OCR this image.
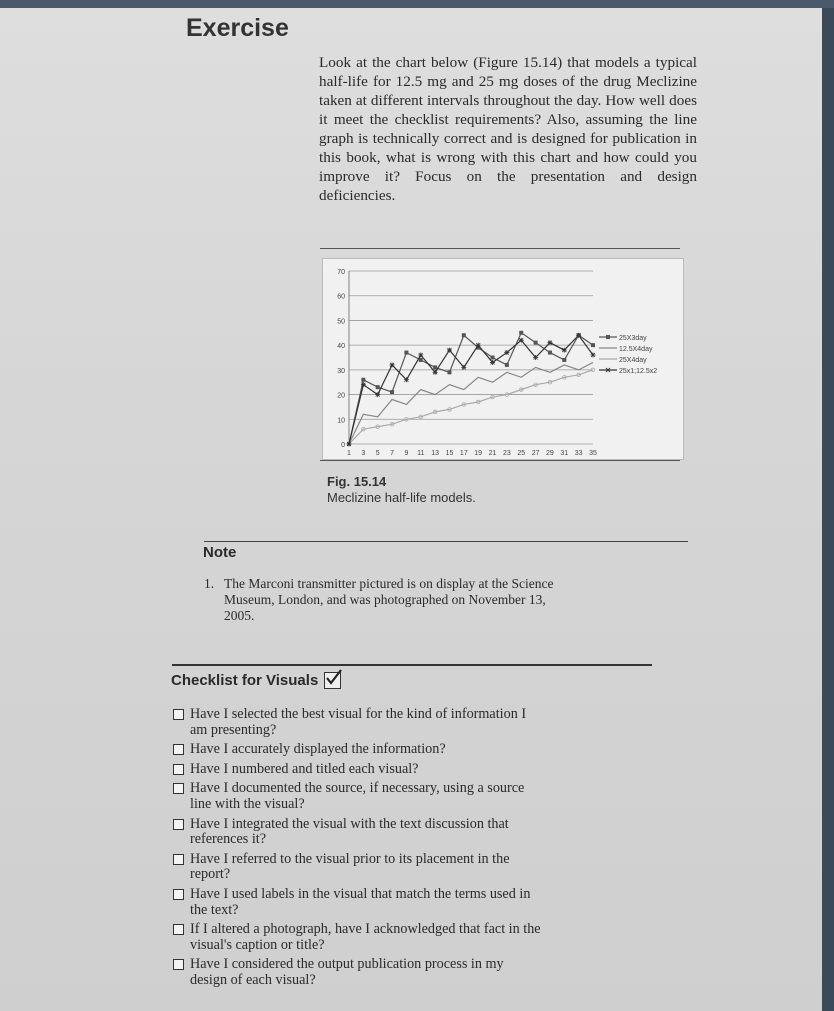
Exercise
Look at the chart below (Figure 15.14) that models a typical half-life for 12.5 mg and 25 mg doses of the drug Meclizine taken at different intervals throughout the day. How well does it meet the checklist requirements? Also, assuming the line graph is technically correct and is designed for publication in this book, what is wrong with this chart and how could you improve it? Focus on the presentation and design deficiencies.
0
10
20
30
40
50
60
70
1 3 5 7 9 11 13 15 17 19 21 23 25 27 29 31 33 35
25X3day
12.5X4day
25X4day
25x1;12.5x2
Fig. 15.14
Meclizine half-life models.
Note
1. The Marconi transmitter pictured is on display at the Science Museum, London, and was photographed on November 13, 2005.
Checklist for Visuals
Have I selected the best visual for the kind of information I am presenting?
Have I accurately displayed the information?
Have I numbered and titled each visual?
Have I documented the source, if necessary, using a source line with the visual?
Have I integrated the visual with the text discussion that references it?
Have I referred to the visual prior to its placement in the report?
Have I used labels in the visual that match the terms used in the text?
If I altered a photograph, have I acknowledged that fact in the visual's caption or title?
Have I considered the output publication process in my design of each visual?
